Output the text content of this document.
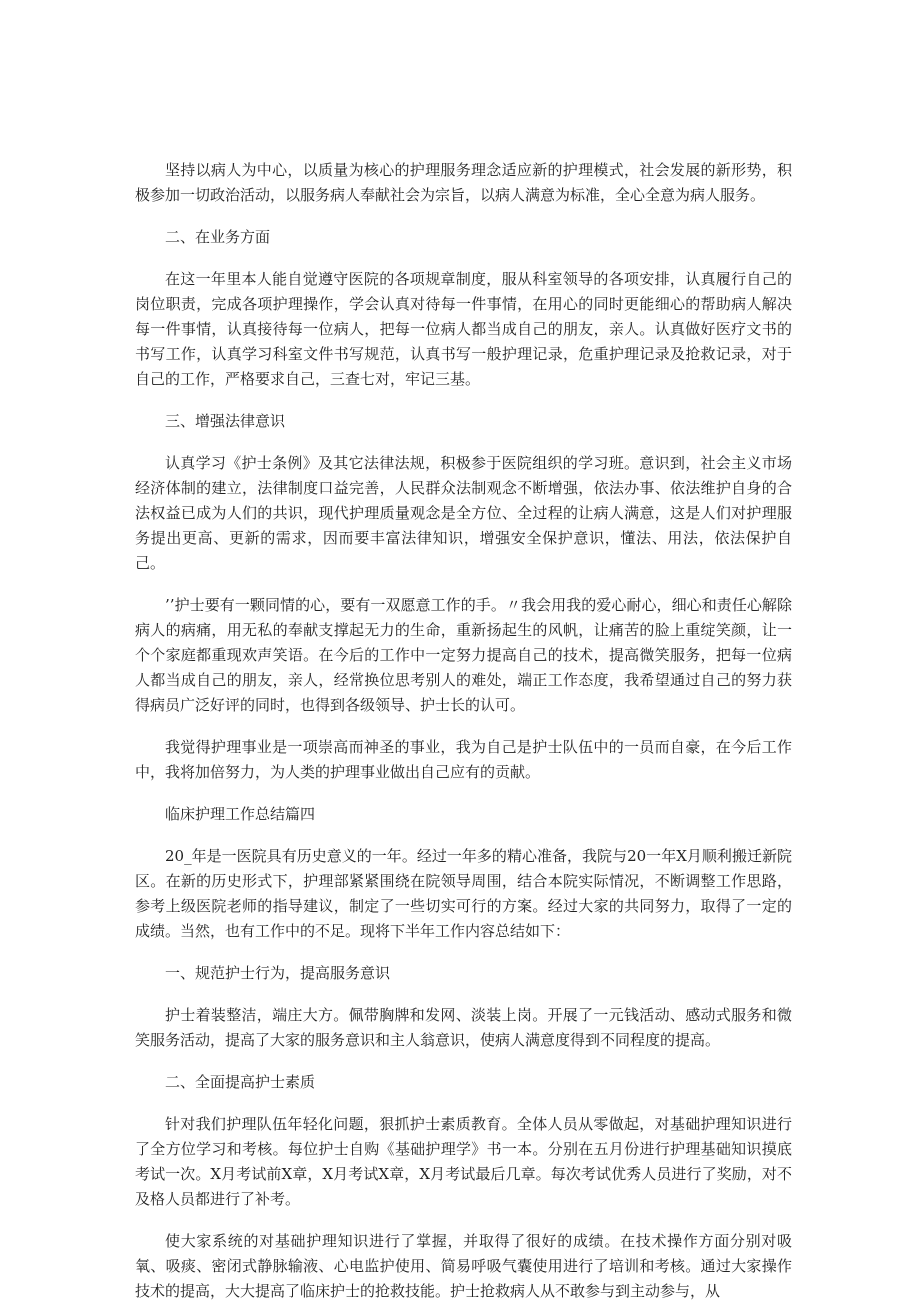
坚持以病人为中心，以质量为核心的护理服务理念适应新的护理模式，社会发展的新形势，积极参加一切政治活动，以服务病人奉献社会为宗旨，以病人满意为标准，全心全意为病人服务。

二、在业务方面

在这一年里本人能自觉遵守医院的各项规章制度，服从科室领导的各项安排，认真履行自己的岗位职责，完成各项护理操作，学会认真对待每一件事情，在用心的同时更能细心的帮助病人解决每一件事情，认真接待每一位病人，把每一位病人都当成自己的朋友，亲人。认真做好医疗文书的书写工作，认真学习科室文件书写规范，认真书写一般护理记录，危重护理记录及抢救记录，对于自己的工作，严格要求自己，三查七对，牢记三基。

三、增强法律意识

认真学习《护士条例》及其它法律法规，积极参于医院组织的学习班。意识到，社会主义市场经济体制的建立，法律制度口益完善，人民群众法制观念不断增强，依法办事、依法维护自身的合法权益已成为人们的共识，现代护理质量观念是全方位、全过程的让病人满意，这是人们对护理服务提出更高、更新的需求，因而要丰富法律知识，增强安全保护意识，懂法、用法，依法保护自己。

’’护士要有一颗同情的心，要有一双愿意工作的手。〃我会用我的爱心耐心，细心和责任心解除病人的病痛，用无私的奉献支撑起无力的生命，重新扬起生的风帆，让痛苦的脸上重绽笑颜，让一个个家庭都重现欢声笑语。在今后的工作中一定努力提高自己的技术，提高微笑服务，把每一位病人都当成自己的朋友，亲人，经常换位思考别人的难处，端正工作态度，我希望通过自己的努力获得病员广泛好评的同时，也得到各级领导、护士长的认可。

我觉得护理事业是一项崇高而神圣的事业，我为自己是护士队伍中的一员而自豪，在今后工作中，我将加倍努力，为人类的护理事业做出自己应有的贡献。

临床护理工作总结篇四

20_年是一医院具有历史意义的一年。经过一年多的精心准备，我院与20一年X月顺利搬迁新院区。在新的历史形式下，护理部紧紧围绕在院领导周围，结合本院实际情况，不断调整工作思路，参考上级医院老师的指导建议，制定了一些切实可行的方案。经过大家的共同努力，取得了一定的成绩。当然，也有工作中的不足。现将下半年工作内容总结如下：

一、规范护士行为，提高服务意识

护士着装整洁，端庄大方。佩带胸牌和发网、淡装上岗。开展了一元钱活动、感动式服务和微笑服务活动，提高了大家的服务意识和主人翁意识，使病人满意度得到不同程度的提高。

二、全面提高护士素质

针对我们护理队伍年轻化问题，狠抓护士素质教育。全体人员从零做起，对基础护理知识进行了全方位学习和考核。每位护士自购《基础护理学》书一本。分别在五月份进行护理基础知识摸底考试一次。X月考试前X章，X月考试X章，X月考试最后几章。每次考试优秀人员进行了奖励，对不及格人员都进行了补考。

使大家系统的对基础护理知识进行了掌握，并取得了很好的成绩。在技术操作方面分别对吸氧、吸痰、密闭式静脉输液、心电监护使用、简易呼吸气囊使用进行了培训和考核。通过大家操作技术的提高，大大提高了临床护士的抢救技能。护士抢救病人从不敢参与到主动参与，从
